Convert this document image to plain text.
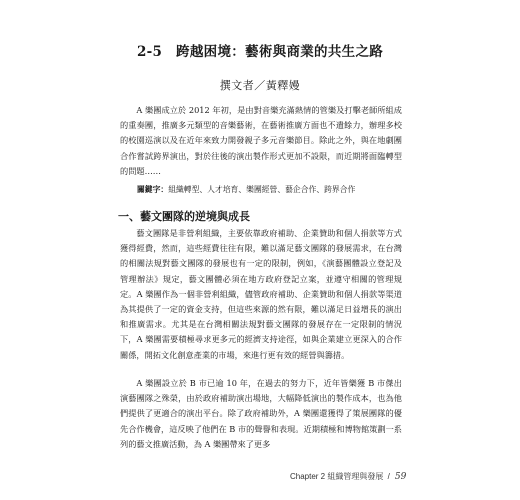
2-5　跨越困境：藝術與商業的共生之路
撰文者／黃釋嫚

A 樂團成立於 2012 年初，是由對音樂充滿熱情的管樂及打擊老師所組成的重奏團，推廣多元類型的音樂藝術，在藝術推廣方面也不遺餘力，辦理多校的校園巡演以及在近年來致力開發親子多元音樂節目。除此之外，與在地劇團合作嘗試跨界演出，對於往後的演出製作形式更加不設限，而近期將面臨轉型的問題……

關鍵字：組織轉型、人才培育、樂團經營、藝企合作、跨界合作
一、藝文團隊的逆境與成長

藝文團隊是非營利組織，主要依靠政府補助、企業贊助和個人捐款等方式獲得經費，然而，這些經費往往有限，難以滿足藝文團隊的發展需求，在台灣的相關法規對藝文團隊的發展也有一定的限制，例如，《演藝團體設立登記及管理辦法》規定，藝文團體必須在地方政府登記立案，並遵守相關的管理規定。A 樂團作為一個非營利組織，儘管政府補助、企業贊助和個人捐款等渠道為其提供了一定的資金支持，但這些來源的然有限，難以滿足日益增長的演出和推廣需求。尤其是在台灣相關法規對藝文團隊的發展存在一定限制的情況下，A 樂團需要積極尋求更多元的經濟支持途徑，如與企業建立更深入的合作關係，開拓文化創意產業的市場，來進行更有效的經營與籌措。

A 樂團設立於 B 市已逾 10 年，在過去的努力下，近年皆樂獲 B 市傑出演藝團隊之殊榮，由於政府補助演出場地，大幅降低演出的製作成本，也為他們提供了更適合的演出平台。除了政府補助外，A 樂團還獲得了策展團隊的優先合作機會，這反映了他們在 B 市的聲譽和表現。近期積極和博物館策劃一系列的藝文推廣活動，為 A 樂團帶來了更多

Chapter 2 組織管理與發展 / 59
